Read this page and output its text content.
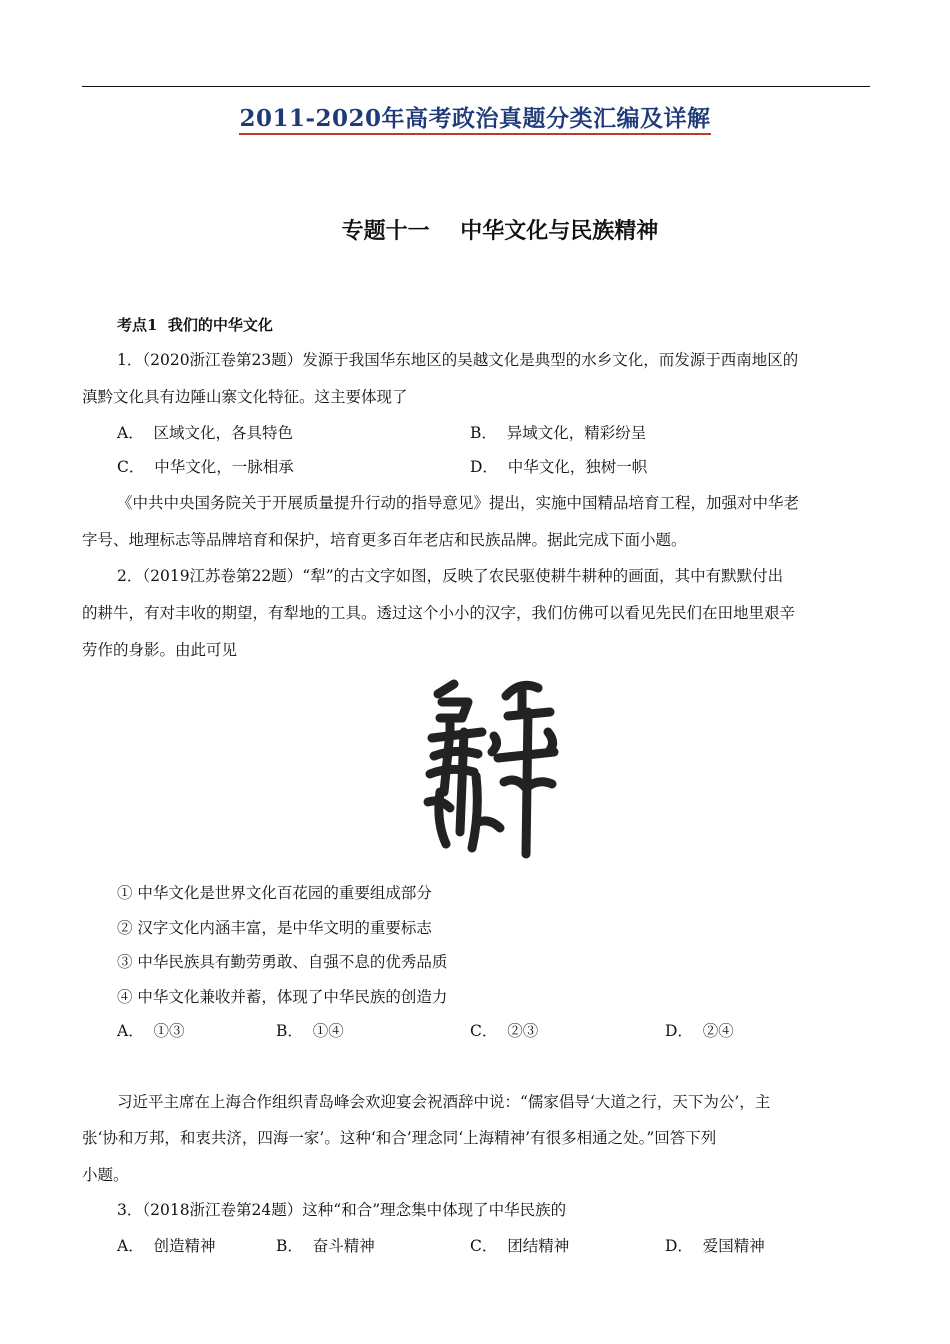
2011-2020年高考政治真题分类汇编及详解
专题十一    中华文化与民族精神
考点1  我们的中华文化
1．（2020浙江卷第23题）发源于我国华东地区的吴越文化是典型的水乡文化，而发源于西南地区的
滇黔文化具有边陲山寨文化特征。这主要体现了
A．  区域文化，各具特色	B．  异域文化，精彩纷呈
C．  中华文化，一脉相承	D．  中华文化，独树一帜
《中共中央国务院关于开展质量提升行动的指导意见》提出，实施中国精品培育工程，加强对中华老
字号、地理标志等品牌培育和保护，培育更多百年老店和民族品牌。据此完成下面小题。
2．（2019江苏卷第22题）“犁”的古文字如图，反映了农民驱使耕牛耕种的画面，其中有默默付出
的耕牛，有对丰收的期望，有犁地的工具。透过这个小小的汉字，我们仿佛可以看见先民们在田地里艰辛
劳作的身影。由此可见
① 中华文化是世界文化百花园的重要组成部分
② 汉字文化内涵丰富，是中华文明的重要标志
③ 中华民族具有勤劳勇敢、自强不息的优秀品质
④ 中华文化兼收并蓄，体现了中华民族的创造力
A．  ①③	B．  ①④	C．  ②③	D．  ②④
习近平主席在上海合作组织青岛峰会欢迎宴会祝酒辞中说：“儒家倡导‘大道之行，天下为公’，主
张‘协和万邦，和衷共济，四海一家’。这种‘和合’理念同‘上海精神’有很多相通之处。”回答下列
小题。
3．（2018浙江卷第24题）这种“和合”理念集中体现了中华民族的
A．  创造精神	B．  奋斗精神	C．  团结精神	D．  爱国精神
